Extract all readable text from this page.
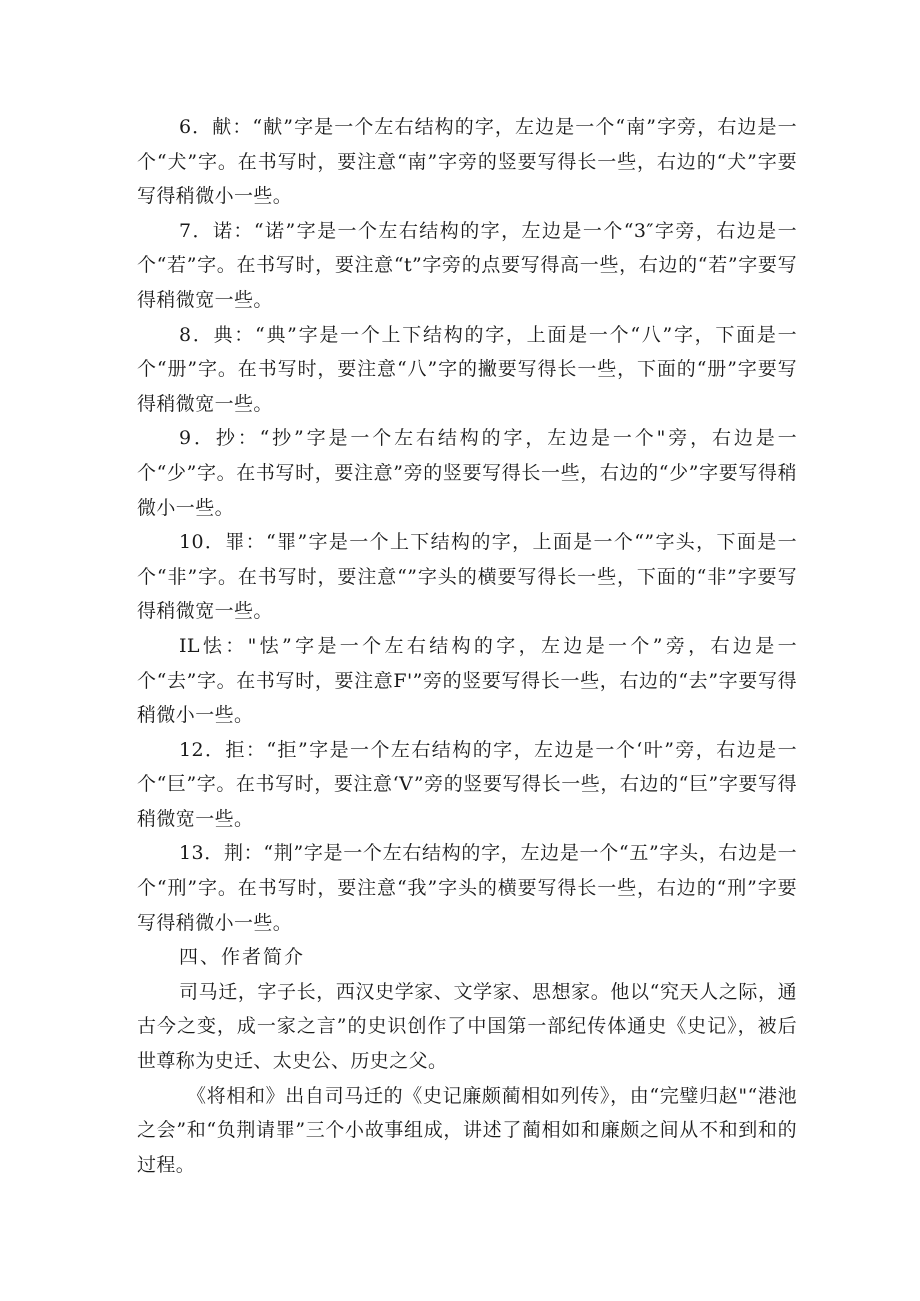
6．献：“献”字是一个左右结构的字，左边是一个“南”字旁，右边是一个“犬”字。在书写时，要注意“南”字旁的竖要写得长一些，右边的“犬”字要写得稍微小一些。

7．诺：“诺”字是一个左右结构的字，左边是一个“3″字旁，右边是一个“若”字。在书写时，要注意“t”字旁的点要写得高一些，右边的“若”字要写得稍微宽一些。

8．典：“典”字是一个上下结构的字，上面是一个“八”字，下面是一个“册”字。在书写时，要注意“八”字的撇要写得长一些，下面的“册”字要写得稍微宽一些。

9．抄：“抄”字是一个左右结构的字，左边是一个"旁，右边是一个“少”字。在书写时，要注意”旁的竖要写得长一些，右边的“少”字要写得稍微小一些。

10．罪：“罪”字是一个上下结构的字，上面是一个“”字头，下面是一个“非”字。在书写时，要注意“”字头的横要写得长一些，下面的“非”字要写得稍微宽一些。

IL怯："怯”字是一个左右结构的字，左边是一个”旁，右边是一个“去”字。在书写时，要注意F'”旁的竖要写得长一些，右边的“去”字要写得稍微小一些。

12．拒：“拒”字是一个左右结构的字，左边是一个‘叶”旁，右边是一个“巨”字。在书写时，要注意‘V”旁的竖要写得长一些，右边的“巨”字要写得稍微宽一些。

13．荆：“荆”字是一个左右结构的字，左边是一个“五”字头，右边是一个“刑”字。在书写时，要注意“我”字头的横要写得长一些，右边的“刑”字要写得稍微小一些。

四、作者简介

司马迁，字子长，西汉史学家、文学家、思想家。他以“究天人之际，通古今之变，成一家之言”的史识创作了中国第一部纪传体通史《史记》，被后世尊称为史迁、太史公、历史之父。

《将相和》出自司马迁的《史记廉颇蔺相如列传》，由“完璧归赵"“港池之会”和“负荆请罪”三个小故事组成，讲述了蔺相如和廉颇之间从不和到和的过程。
